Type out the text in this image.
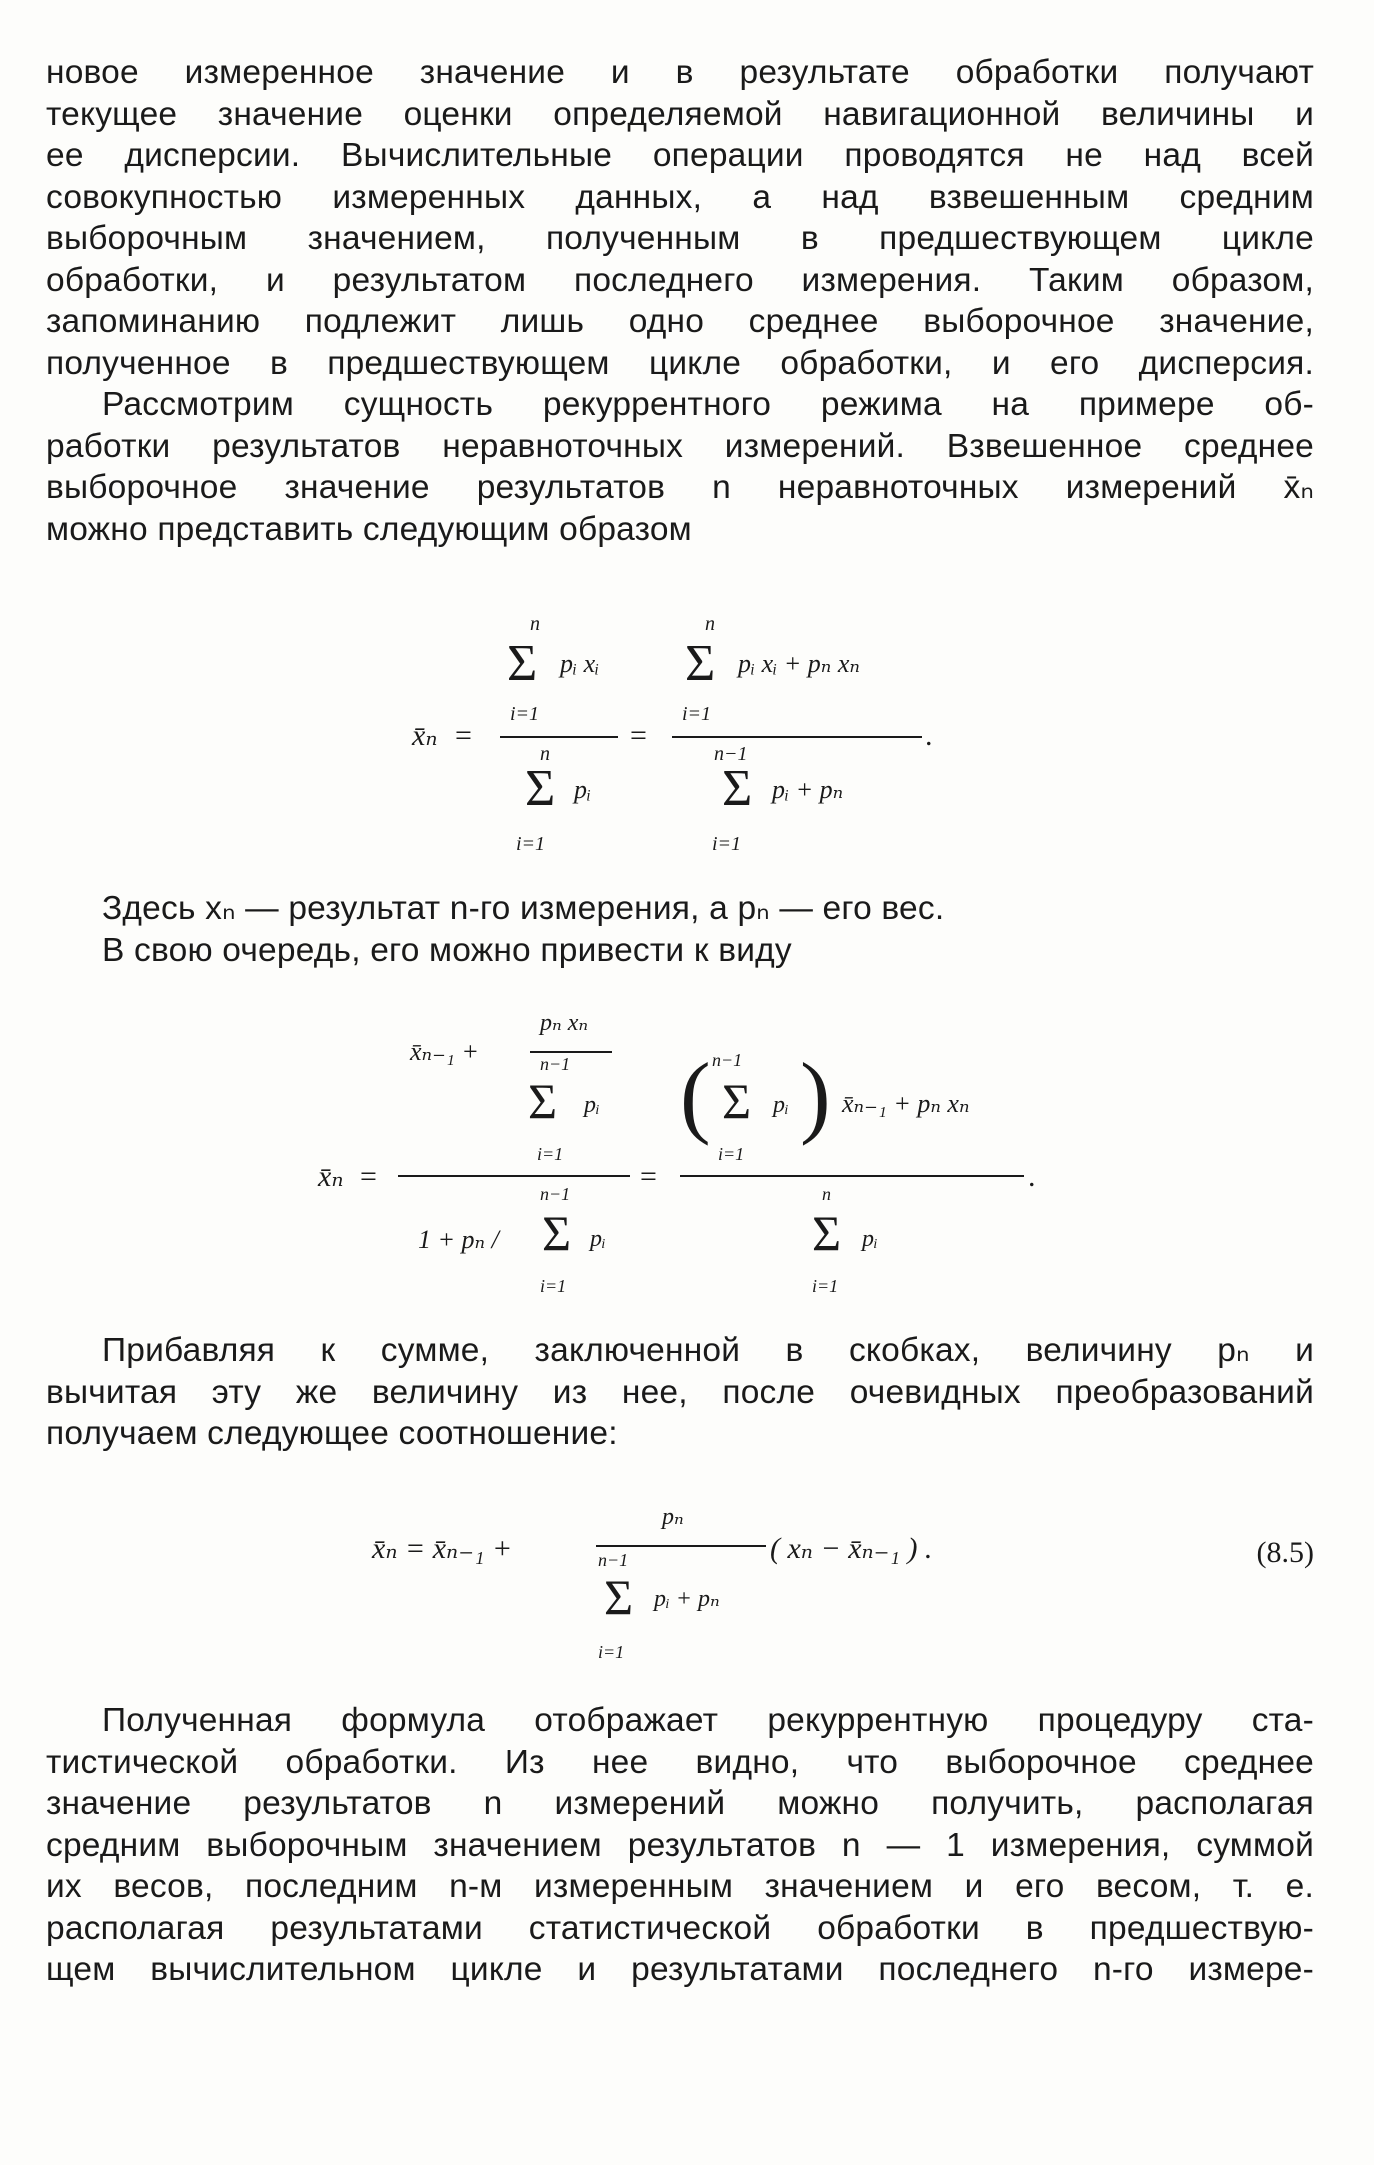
новое измеренное значение и в результате обработки получают
текущее значение оценки определяемой навигационной величины и
ее дисперсии. Вычислительные операции проводятся не над всей
совокупностью измеренных данных, а над взвешенным средним
выборочным значением, полученным в предшествующем цикле
обработки, и результатом последнего измерения. Таким образом,
запоминанию подлежит лишь одно среднее выборочное значение,
полученное в предшествующем цикле обработки, и его дисперсия.
Рассмотрим сущность рекуррентного режима на примере об-
работки результатов неравноточных измерений. Взвешенное среднее
выборочное значение результатов n неравноточных измерений x̄ₙ
можно представить следующим образом
x̄ₙ =
n
Σ pᵢ xᵢ
i=1
n
Σ pᵢ
i=1
=
n
Σ pᵢ xᵢ + pₙ xₙ
i=1
n−1
Σ pᵢ + pₙ
i=1
.
Здесь xₙ — результат n-го измерения, а pₙ — его вес.
В свою очередь, его можно привести к виду
x̄ₙ =
x̄ₙ₋₁ +
pₙ xₙ
n−1
Σ pᵢ
i=1
n−1
1 + pₙ / Σ pᵢ
i=1
=
( n−1
Σ pᵢ
i=1
) x̄ₙ₋₁ + pₙ xₙ
n
Σ pᵢ
i=1
.
Прибавляя к сумме, заключенной в скобках, величину pₙ и
вычитая эту же величину из нее, после очевидных преобразований
получаем следующее соотношение:
x̄ₙ = x̄ₙ₋₁ +
pₙ
n−1
Σ pᵢ + pₙ
i=1
( xₙ − x̄ₙ₋₁ ) .	(8.5)
Полученная формула отображает рекуррентную процедуру ста-
тистической обработки. Из нее видно, что выборочное среднее
значение результатов n измерений можно получить, располагая
средним выборочным значением результатов n — 1 измерения, суммой
их весов, последним n-м измеренным значением и его весом, т. е.
располагая результатами статистической обработки в предшествую-
щем вычислительном цикле и результатами последнего n-го измере-
